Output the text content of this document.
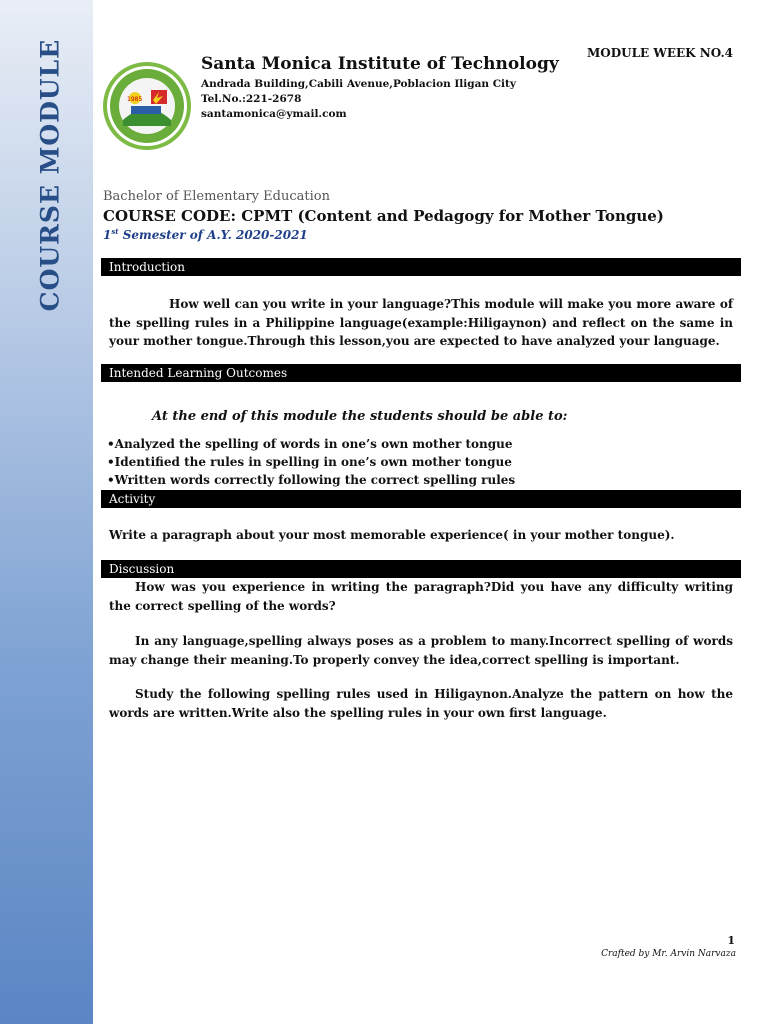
COURSE MODULE	1985
Santa Monica Institute of Technology
Andrada Building,Cabili Avenue,Poblacion Iligan City
Tel.No.:221-2678
santamonica@ymail.com
MODULE WEEK NO.4
Bachelor of Elementary Education
COURSE CODE: CPMT (Content and Pedagogy for Mother Tongue)
1st Semester of A.Y. 2020-2021
Introduction
How well can you write in your language?This module will make you more aware of the spelling rules in a Philippine language(example:Hiligaynon) and reflect on the same in your mother tongue.Through this lesson,you are expected to have analyzed your language.
Intended Learning Outcomes
At the end of this module the students should be able to:
•Analyzed the spelling of words in one’s own mother tongue
•Identified the rules in spelling in one’s own mother tongue
•Written words correctly following the correct spelling rules
Activity
Write a paragraph about your most memorable experience( in your mother tongue).
Discussion
How was you experience in writing the paragraph?Did you have any difficulty writing the correct spelling of the words?
In any language,spelling always poses as a problem to many.Incorrect spelling of words may change their meaning.To properly convey the idea,correct spelling is important.
Study the following spelling rules used in Hiligaynon.Analyze the pattern on how the words are written.Write also the spelling rules in your own first language.
1
Crafted by Mr. Arvin Narvaza
